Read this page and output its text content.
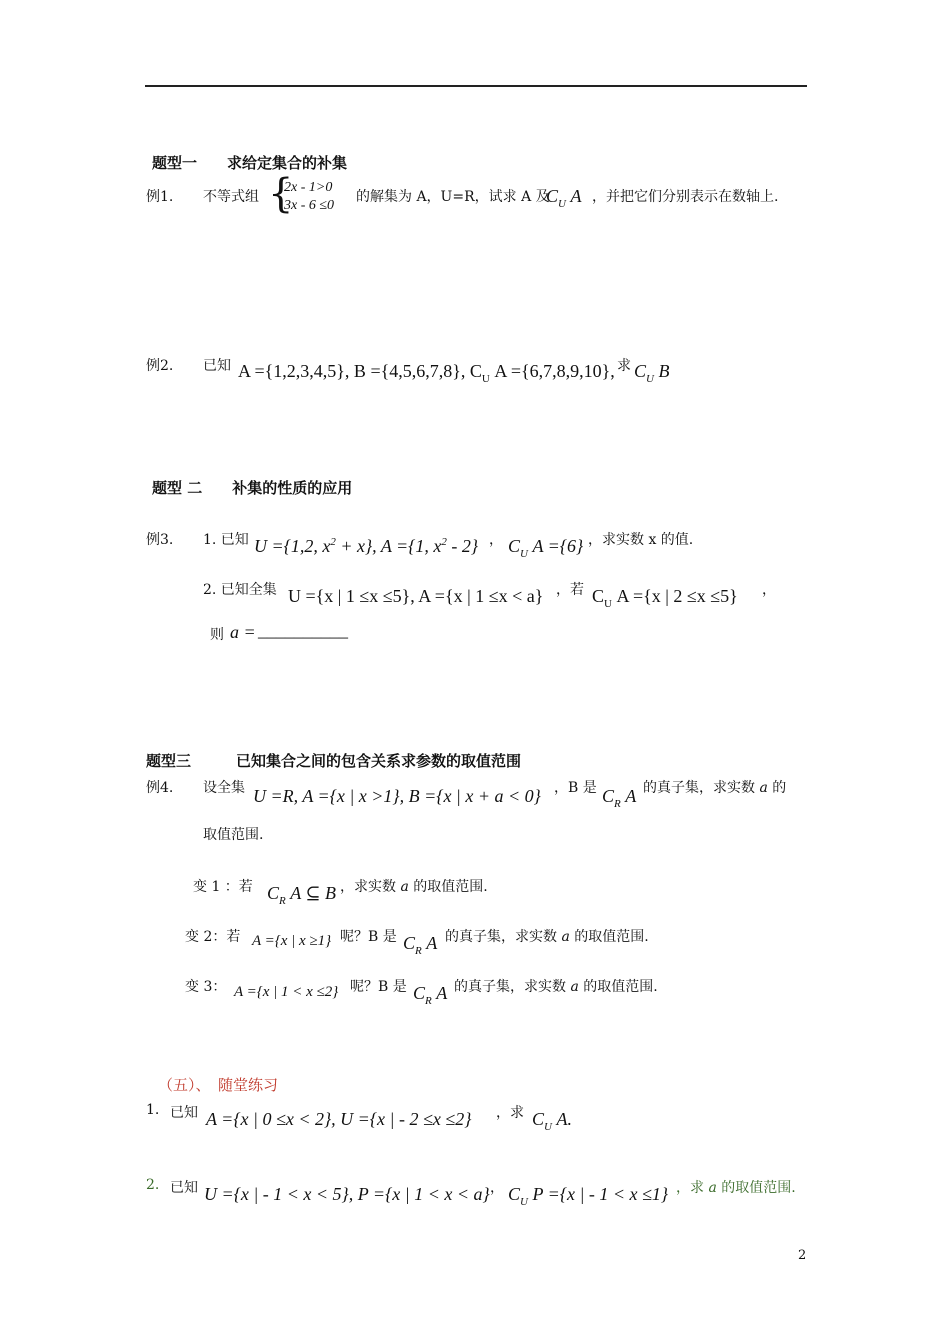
题型一　　求给定集合的补集
例1. 不等式组 {
2x - 1>0
3x - 6 ≤0
的解集为 A，U=R，试求 A 及
$C_U$ A ，并把它们分别表示在数轴上.
例2. 已知 A ={1,2,3,4,5}, B ={4,5,6,7,8}, $C_U$ A ={6,7,8,9,10}, 求 $C_U$ B
题型 二　　补集的性质的应用
例3. 1. 已知 U ={1,2, $x^2 + x$}, A ={1, $x^2 - 2$} ， $C_U$ A ={6} ，求实数 x 的值.
2. 已知全集 U ={x | 1 ≤x ≤5}, A ={x | 1 ≤x < a} ，若 $C_U$ A ={x | 2 ≤x ≤5} ，
则 a = __________
题型三　　　已知集合之间的包含关系求参数的取值范围
例4. 设全集 U =R, A ={x | x >1}, B ={x | x + a < 0} ，B 是 $C_R$ A 的真子集，求实数 a 的
取值范围.
变 1 ：若 $C_R$ A ⊆ B ，求实数 a 的取值范围.
变 2：若 A ={x | x ≥1} 呢？B 是 $C_R$ A 的真子集，求实数 a 的取值范围.
变 3： A ={x | 1 < x ≤2} 呢？B 是 $C_R$ A 的真子集，求实数 a 的取值范围.
（五）、　随堂练习
1. 已知 A ={x | 0 ≤x < 2}, U ={x | - 2 ≤x ≤2} ，求 $C_U$ A.
2. 已知 U ={x | - 1 < x < 5}, P ={x | 1 < x < a} ， $C_U$ P ={x | - 1 < x ≤1} ，求 a 的取值范围.
2
